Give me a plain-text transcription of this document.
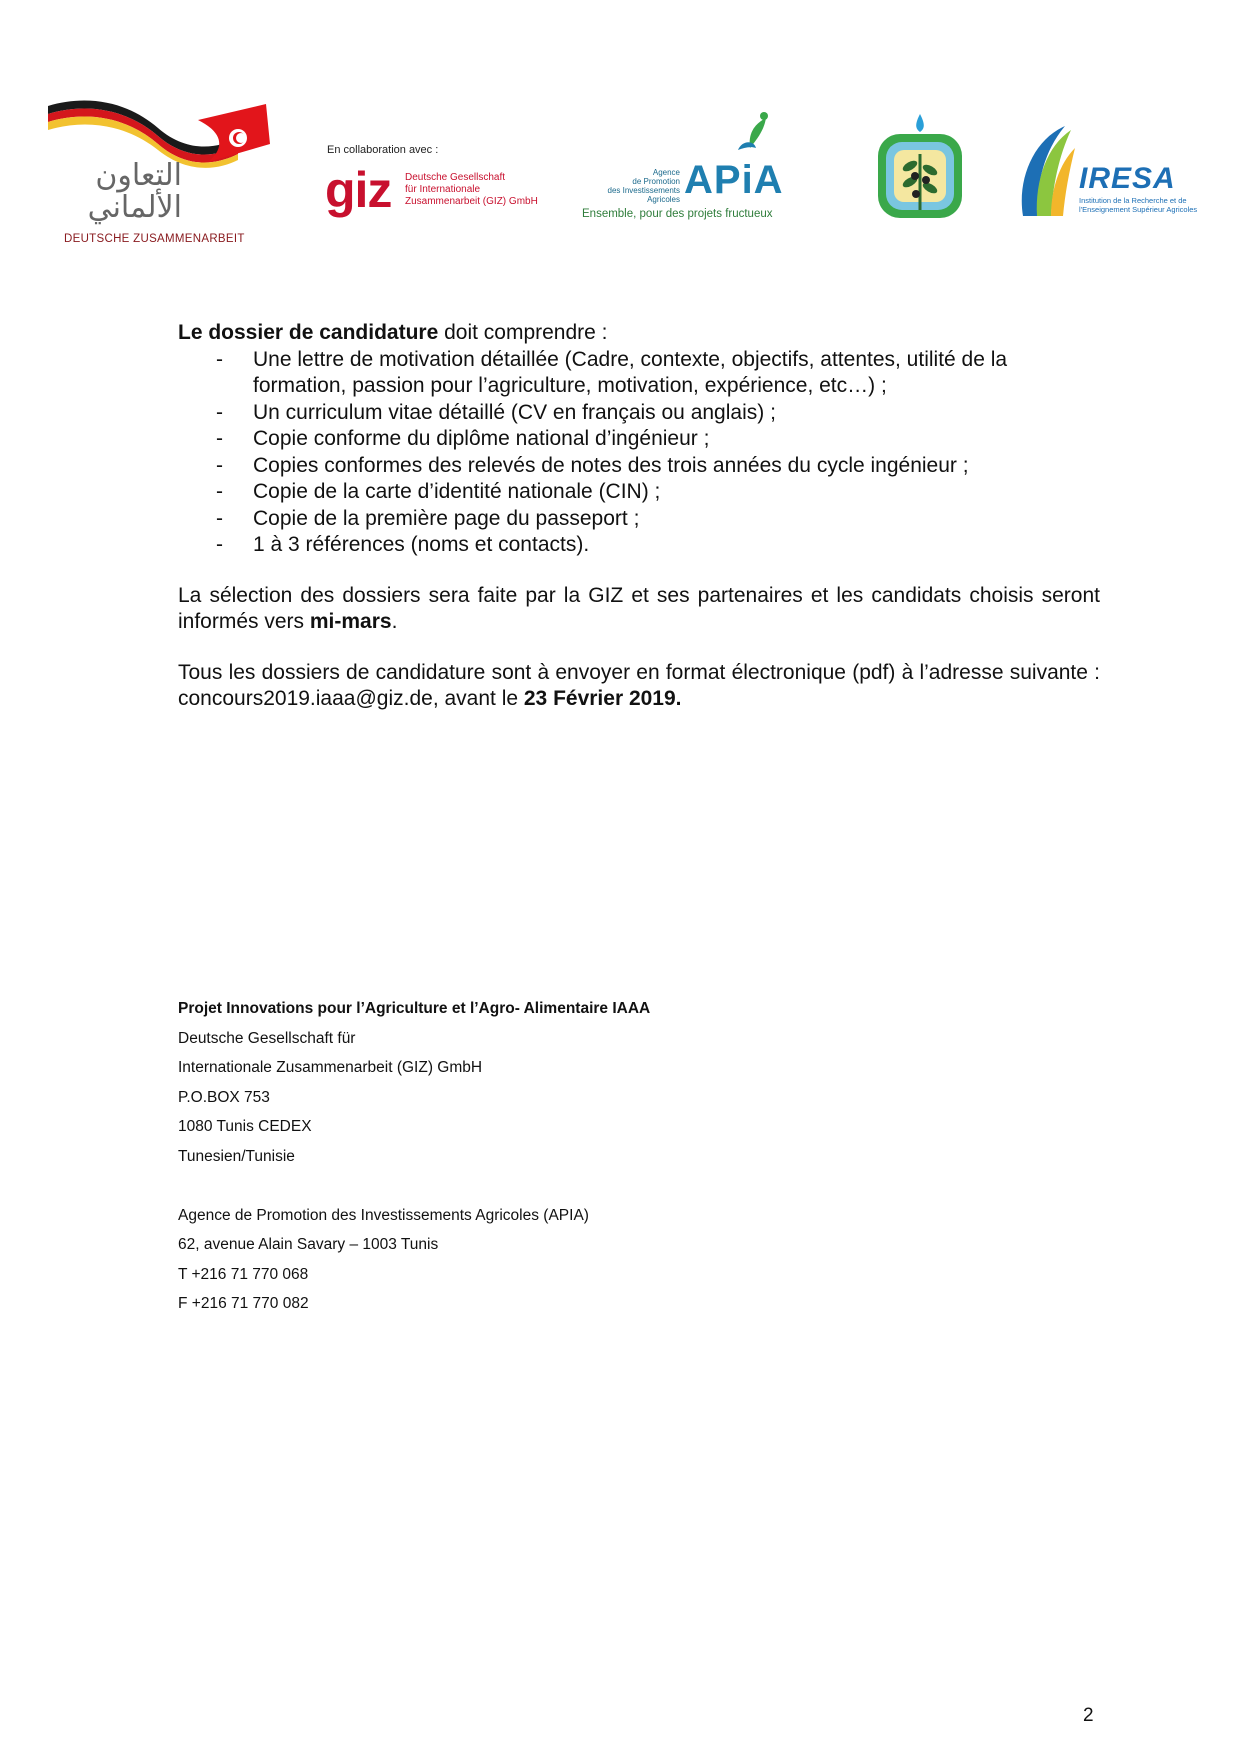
التعاون
الألماني
DEUTSCHE ZUSAMMENARBEIT
En collaboration avec :
giz Deutsche Gesellschaft
für Internationale
Zusammenarbeit (GIZ) GmbH
Agence
de Promotion
des Investissements
Agricoles APiA
Ensemble, pour des projets fructueux
IRESA
Institution de la Recherche et de l'Enseignement Supérieur Agricoles
Le dossier de candidature doit comprendre :
- Une lettre de motivation détaillée (Cadre, contexte, objectifs, attentes, utilité de la formation, passion pour l’agriculture, motivation, expérience, etc…) ;
- Un curriculum vitae détaillé (CV en français ou anglais) ;
- Copie conforme du diplôme national d’ingénieur ;
- Copies conformes des relevés de notes des trois années du cycle ingénieur ;
- Copie de la carte d’identité nationale (CIN) ;
- Copie de la première page du passeport ;
- 1 à 3 références (noms et contacts).
La sélection des dossiers sera faite par la GIZ et ses partenaires et les candidats choisis seront informés vers mi-mars.
Tous les dossiers de candidature sont à envoyer en format électronique (pdf) à l’adresse suivante : concours2019.iaaa@giz.de, avant le 23 Février 2019.
Projet Innovations pour l’Agriculture et l’Agro- Alimentaire IAAA
Deutsche Gesellschaft für
Internationale Zusammenarbeit (GIZ) GmbH
P.O.BOX 753
1080 Tunis CEDEX
Tunesien/Tunisie
Agence de Promotion des Investissements Agricoles (APIA)
62, avenue Alain Savary – 1003 Tunis
T +216 71 770 068
F +216 71 770 082
2
